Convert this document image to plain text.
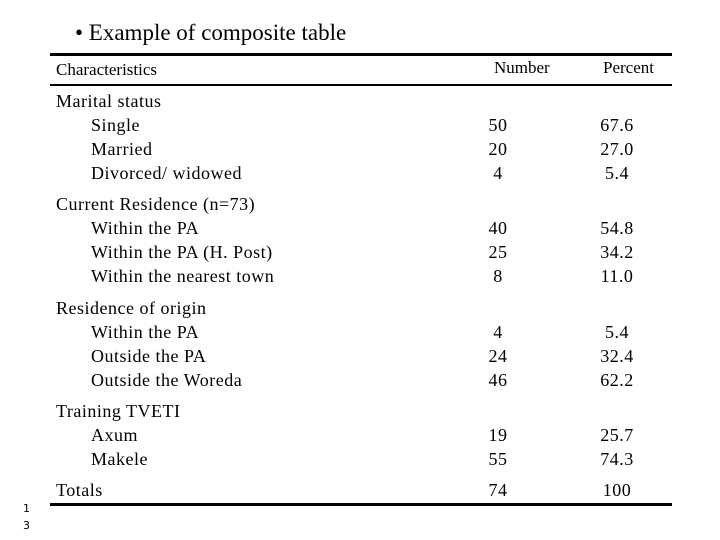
• Example of composite table
Characteristics	Number	Percent
Marital status
Single	50	67.6
Married	20	27.0
Divorced/ widowed	4	5.4
Current Residence (n=73)
Within the PA	40	54.8
Within the PA (H. Post)	25	34.2
Within the nearest town	8	11.0
Residence of origin
Within the PA	4	5.4
Outside the PA	24	32.4
Outside the Woreda	46	62.2
Training TVETI
Axum	19	25.7
Makele	55	74.3
Totals	74	100
1
3
